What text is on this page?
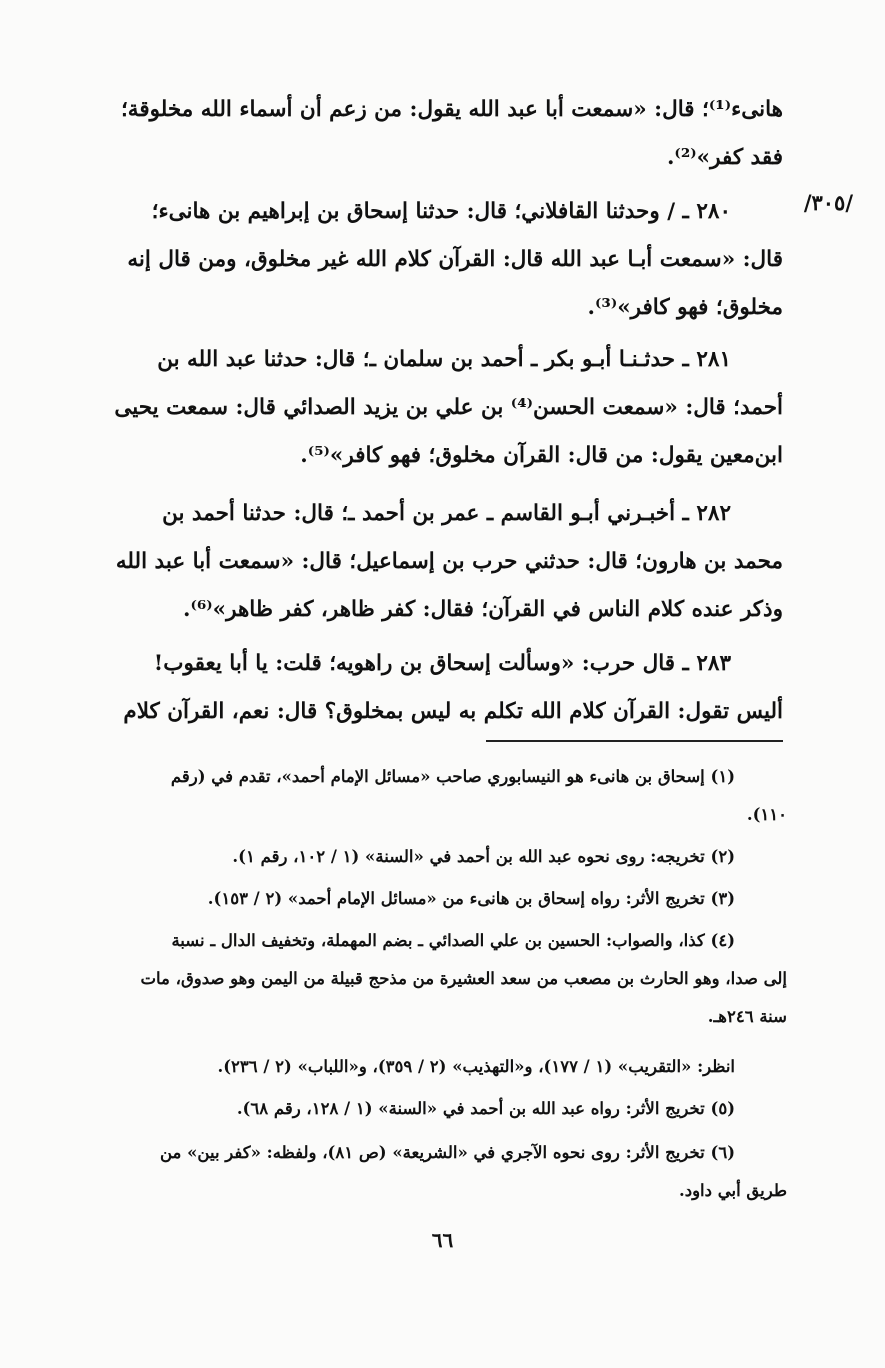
/٣٠٥/

هانىء⁽¹⁾؛ قال: «سمعت أبا عبد الله يقول: من زعم أن أسماء الله مخلوقة؛

فقد كفر»⁽²⁾.

٢٨٠ ـ / وحدثنا القافلاني؛ قال: حدثنا إسحاق بن إبراهيم بن هانىء؛

قال: «سمعت أبـا عبد الله قال: القرآن كلام الله غير مخلوق، ومن قال إنه

مخلوق؛ فهو كافر»⁽³⁾.

٢٨١ ـ حدثـنـا أبـو بكر ـ أحمد بن سلمان ـ؛ قال: حدثنا عبد الله بن

أحمد؛ قال: «سمعت الحسن⁽⁴⁾ بن علي بن يزيد الصدائي قال: سمعت يحيى

ابن‌معين يقول: من قال: القرآن مخلوق؛ فهو كافر»⁽⁵⁾.

٢٨٢ ـ أخبـرني أبـو القاسم ـ عمر بن أحمد ـ؛ قال: حدثنا أحمد بن

محمد بن هارون؛ قال: حدثني حرب بن إسماعيل؛ قال: «سمعت أبا عبد الله

وذكر عنده كلام الناس في القرآن؛ فقال: كفر ظاهر، كفر ظاهر»⁽⁶⁾.

٢٨٣ ـ قال حرب: «وسألت إسحاق بن راهويه؛ قلت: يا أبا يعقوب!

أليس تقول: القرآن كلام الله تكلم به ليس بمخلوق؟ قال: نعم، القرآن كلام

(١) إسحاق بن هانىء هو النيسابوري صاحب «مسائل الإمام أحمد»، تقدم في (رقم

١١٠).

(٢) تخريجه: روى نحوه عبد الله بن أحمد في «السنة» (١ / ١٠٢، رقم ١).

(٣) تخريج الأثر: رواه إسحاق بن هانىء من «مسائل الإمام أحمد» (٢ / ١٥٣).

(٤) كذا، والصواب: الحسين بن علي الصدائي ـ بضم المهملة، وتخفيف الدال ـ نسبة

إلى صدا، وهو الحارث بن مصعب من سعد العشيرة من مذحج قبيلة من اليمن وهو صدوق، مات

سنة ٢٤٦هـ.

انظر: «التقريب» (١ / ١٧٧)، و«التهذيب» (٢ / ٣٥٩)، و«اللباب» (٢ / ٢٣٦).

(٥) تخريج الأثر: رواه عبد الله بن أحمد في «السنة» (١ / ١٢٨، رقم ٦٨).

(٦) تخريج الأثر: روى نحوه الآجري في «الشريعة» (ص ٨١)، ولفظه: «كفر بين» من

طريق أبي داود.

٦٦
